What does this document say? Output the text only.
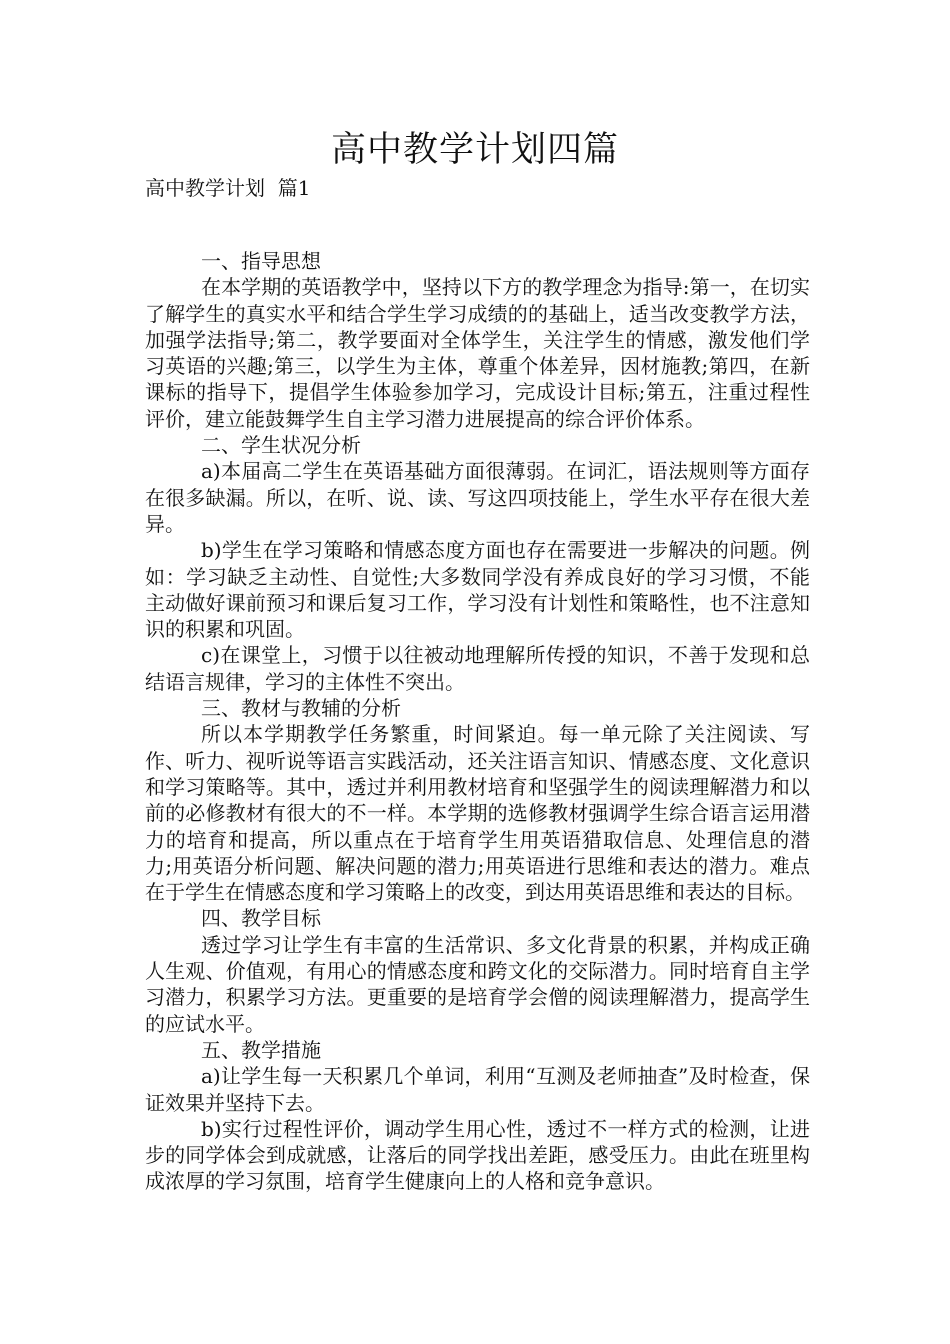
高中教学计划四篇
高中教学计划  篇1

一、指导思想

在本学期的英语教学中，坚持以下方的教学理念为指导:第一，在切实了解学生的真实水平和结合学生学习成绩的的基础上，适当改变教学方法，加强学法指导;第二，教学要面对全体学生，关注学生的情感，激发他们学习英语的兴趣;第三，以学生为主体，尊重个体差异，因材施教;第四，在新课标的指导下，提倡学生体验参加学习，完成设计目标;第五，注重过程性评价，建立能鼓舞学生自主学习潜力进展提高的综合评价体系。

二、学生状况分析

a)本届高二学生在英语基础方面很薄弱。在词汇，语法规则等方面存在很多缺漏。所以，在听、说、读、写这四项技能上，学生水平存在很大差异。

b)学生在学习策略和情感态度方面也存在需要进一步解决的问题。例如：学习缺乏主动性、自觉性;大多数同学没有养成良好的学习习惯，不能主动做好课前预习和课后复习工作，学习没有计划性和策略性，也不注意知识的积累和巩固。

c)在课堂上，习惯于以往被动地理解所传授的知识，不善于发现和总结语言规律，学习的主体性不突出。

三、教材与教辅的分析

所以本学期教学任务繁重，时间紧迫。每一单元除了关注阅读、写作、听力、视听说等语言实践活动，还关注语言知识、情感态度、文化意识和学习策略等。其中，透过并利用教材培育和坚强学生的阅读理解潜力和以前的必修教材有很大的不一样。本学期的选修教材强调学生综合语言运用潜力的培育和提高，所以重点在于培育学生用英语猎取信息、处理信息的潜力;用英语分析问题、解决问题的潜力;用英语进行思维和表达的潜力。难点在于学生在情感态度和学习策略上的改变，到达用英语思维和表达的目标。

四、教学目标

透过学习让学生有丰富的生活常识、多文化背景的积累，并构成正确人生观、价值观，有用心的情感态度和跨文化的交际潜力。同时培育自主学习潜力，积累学习方法。更重要的是培育学会僧的阅读理解潜力，提高学生的应试水平。

五、教学措施

a)让学生每一天积累几个单词，利用“互测及老师抽查”及时检查，保证效果并坚持下去。

b)实行过程性评价，调动学生用心性，透过不一样方式的检测，让进步的同学体会到成就感，让落后的同学找出差距，感受压力。由此在班里构成浓厚的学习氛围，培育学生健康向上的人格和竞争意识。
